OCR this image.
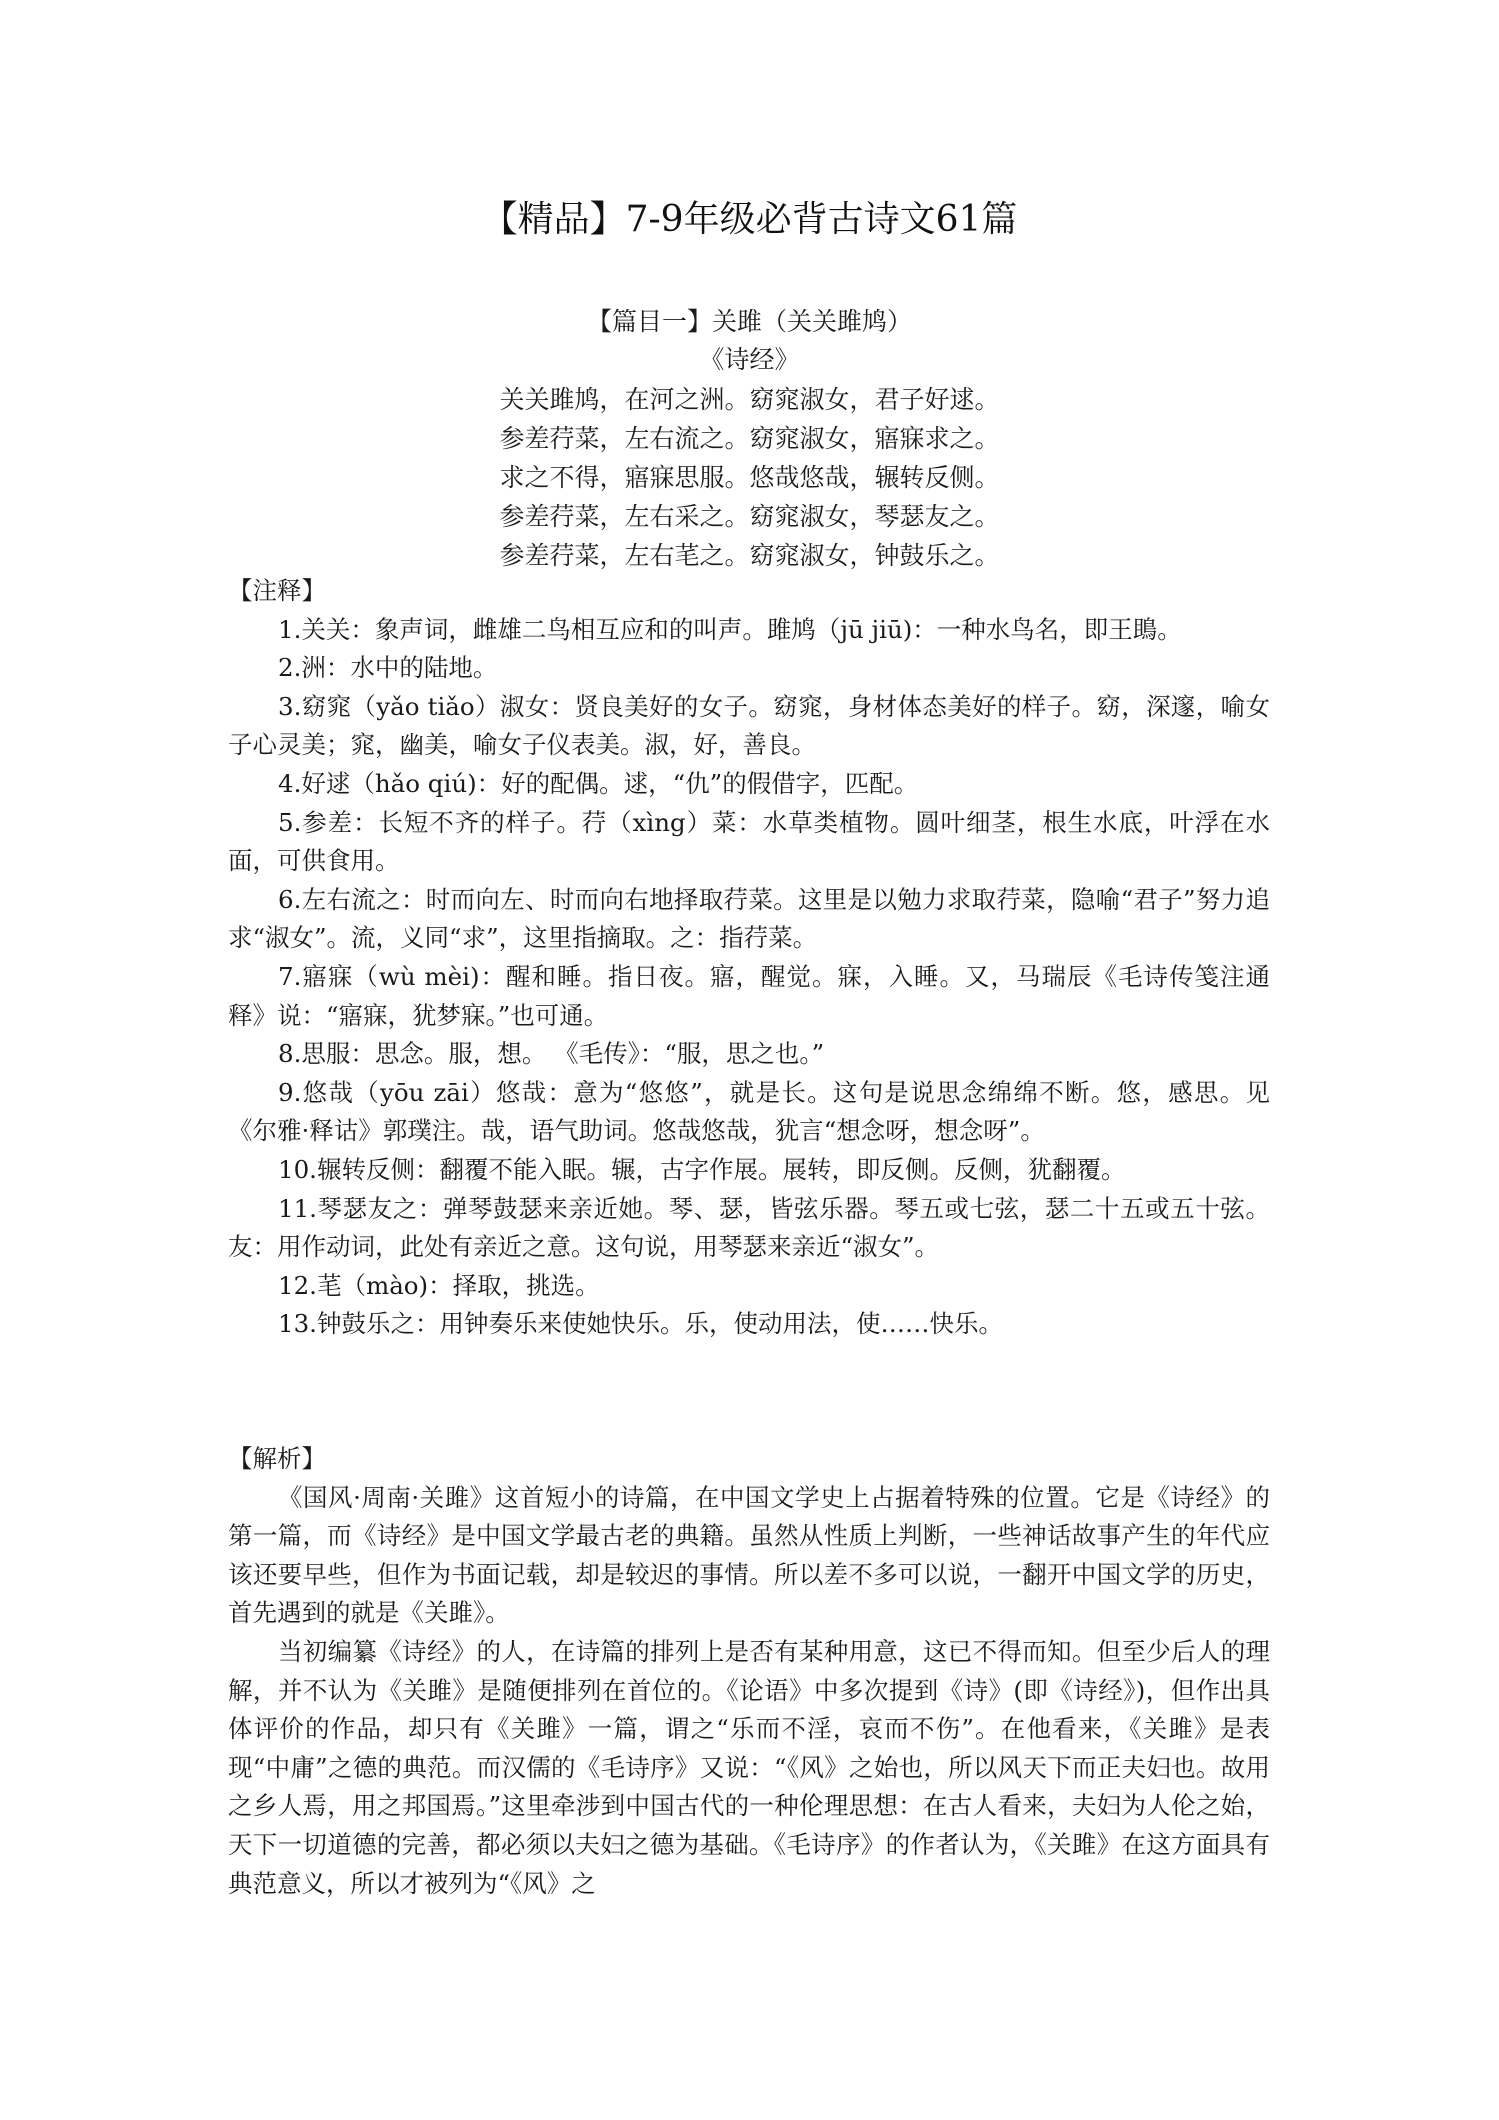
【精品】7-9年级必背古诗文61篇
【篇目一】关雎（关关雎鸠）
《诗经》
关关雎鸠，在河之洲。窈窕淑女，君子好逑。
参差荇菜，左右流之。窈窕淑女，寤寐求之。
求之不得，寤寐思服。悠哉悠哉，辗转反侧。
参差荇菜，左右采之。窈窕淑女，琴瑟友之。
参差荇菜，左右芼之。窈窕淑女，钟鼓乐之。
【注释】
1.关关：象声词，雌雄二鸟相互应和的叫声。雎鸠（jū jiū)：一种水鸟名，即王鴡。
2.洲：水中的陆地。
3.窈窕（yǎo tiǎo）淑女：贤良美好的女子。窈窕，身材体态美好的样子。窈，深邃，喻女子心灵美；窕，幽美，喻女子仪表美。淑，好，善良。
4.好逑（hǎo qiú)：好的配偶。逑，“仇”的假借字，匹配。
5.参差：长短不齐的样子。荇（xìng）菜：水草类植物。圆叶细茎，根生水底，叶浮在水面，可供食用。
6.左右流之：时而向左、时而向右地择取荇菜。这里是以勉力求取荇菜，隐喻“君子”努力追求“淑女”。流，义同“求”，这里指摘取。之：指荇菜。
7.寤寐（wù mèi)：醒和睡。指日夜。寤，醒觉。寐，入睡。又，马瑞辰《毛诗传笺注通释》说：“寤寐，犹梦寐。”也可通。
8.思服：思念。服，想。 《毛传》：“服，思之也。”
9.悠哉（yōu zāi）悠哉：意为“悠悠”，就是长。这句是说思念绵绵不断。悠，感思。见《尔雅·释诂》郭璞注。哉，语气助词。悠哉悠哉，犹言“想念呀，想念呀”。
10.辗转反侧：翻覆不能入眠。辗，古字作展。展转，即反侧。反侧，犹翻覆。
11.琴瑟友之：弹琴鼓瑟来亲近她。琴、瑟，皆弦乐器。琴五或七弦，瑟二十五或五十弦。友：用作动词，此处有亲近之意。这句说，用琴瑟来亲近“淑女”。
12.芼（mào)：择取，挑选。
13.钟鼓乐之：用钟奏乐来使她快乐。乐，使动用法，使……快乐。
【解析】
《国风·周南·关雎》这首短小的诗篇，在中国文学史上占据着特殊的位置。它是《诗经》的第一篇，而《诗经》是中国文学最古老的典籍。虽然从性质上判断，一些神话故事产生的年代应该还要早些，但作为书面记载，却是较迟的事情。所以差不多可以说，一翻开中国文学的历史，首先遇到的就是《关雎》。
当初编纂《诗经》的人，在诗篇的排列上是否有某种用意，这已不得而知。但至少后人的理解，并不认为《关雎》是随便排列在首位的。《论语》中多次提到《诗》(即《诗经》)，但作出具体评价的作品，却只有《关雎》一篇，谓之“乐而不淫，哀而不伤”。在他看来，《关雎》是表现“中庸”之德的典范。而汉儒的《毛诗序》又说：“《风》之始也，所以风天下而正夫妇也。故用之乡人焉，用之邦国焉。”这里牵涉到中国古代的一种伦理思想：在古人看来，夫妇为人伦之始，天下一切道德的完善，都必须以夫妇之德为基础。《毛诗序》的作者认为，《关雎》在这方面具有典范意义，所以才被列为“《风》之
